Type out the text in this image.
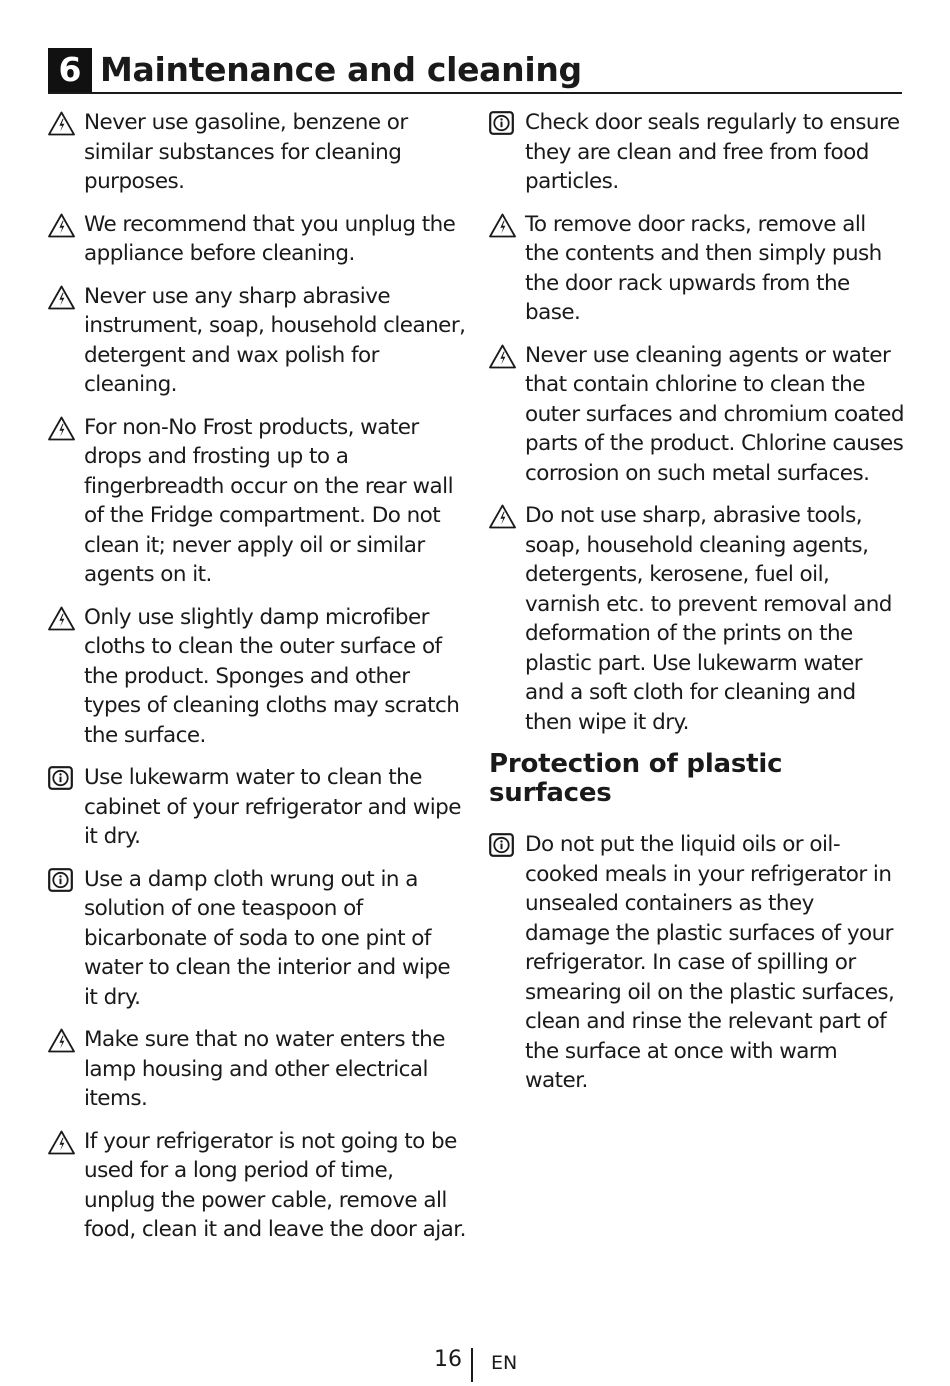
6 Maintenance and cleaning
Never use gasoline, benzene or similar substances for cleaning purposes.
We recommend that you unplug the appliance before cleaning.
Never use any sharp abrasive instrument, soap, household cleaner, detergent and wax polish for cleaning.
For non-No Frost products, water drops and frosting up to a fingerbreadth occur on the rear wall of the Fridge compartment. Do not clean it; never apply oil or similar agents on it.
Only use slightly damp microfiber cloths to clean the outer surface of the product. Sponges and other types of cleaning cloths may scratch the surface.
Use lukewarm water to clean the cabinet of your refrigerator and wipe it dry.
Use a damp cloth wrung out in a solution of one teaspoon of bicarbonate of soda to one pint of water to clean the interior and wipe it dry.
Make sure that no water enters the lamp housing and other electrical items.
If your refrigerator is not going to be used for a long period of time, unplug the power cable, remove all food, clean it and leave the door ajar.
Check door seals regularly to ensure they are clean and free from food particles.
To remove door racks, remove all the contents and then simply push the door rack upwards from the base.
Never use cleaning agents or water that contain chlorine to clean the outer surfaces and chromium coated parts of the product. Chlorine causes corrosion on such metal surfaces.
Do not use sharp, abrasive tools, soap, household cleaning agents, detergents, kerosene, fuel oil, varnish etc. to prevent removal and deformation of the prints on the plastic part. Use lukewarm water and a soft cloth for cleaning and then wipe it dry.
Protection of plastic surfaces
Do not put the liquid oils or oil-cooked meals in your refrigerator in unsealed containers as they damage the plastic surfaces of your refrigerator. In case of spilling or smearing oil on the plastic surfaces, clean and rinse the relevant part of the surface at once with warm water.
16 EN
